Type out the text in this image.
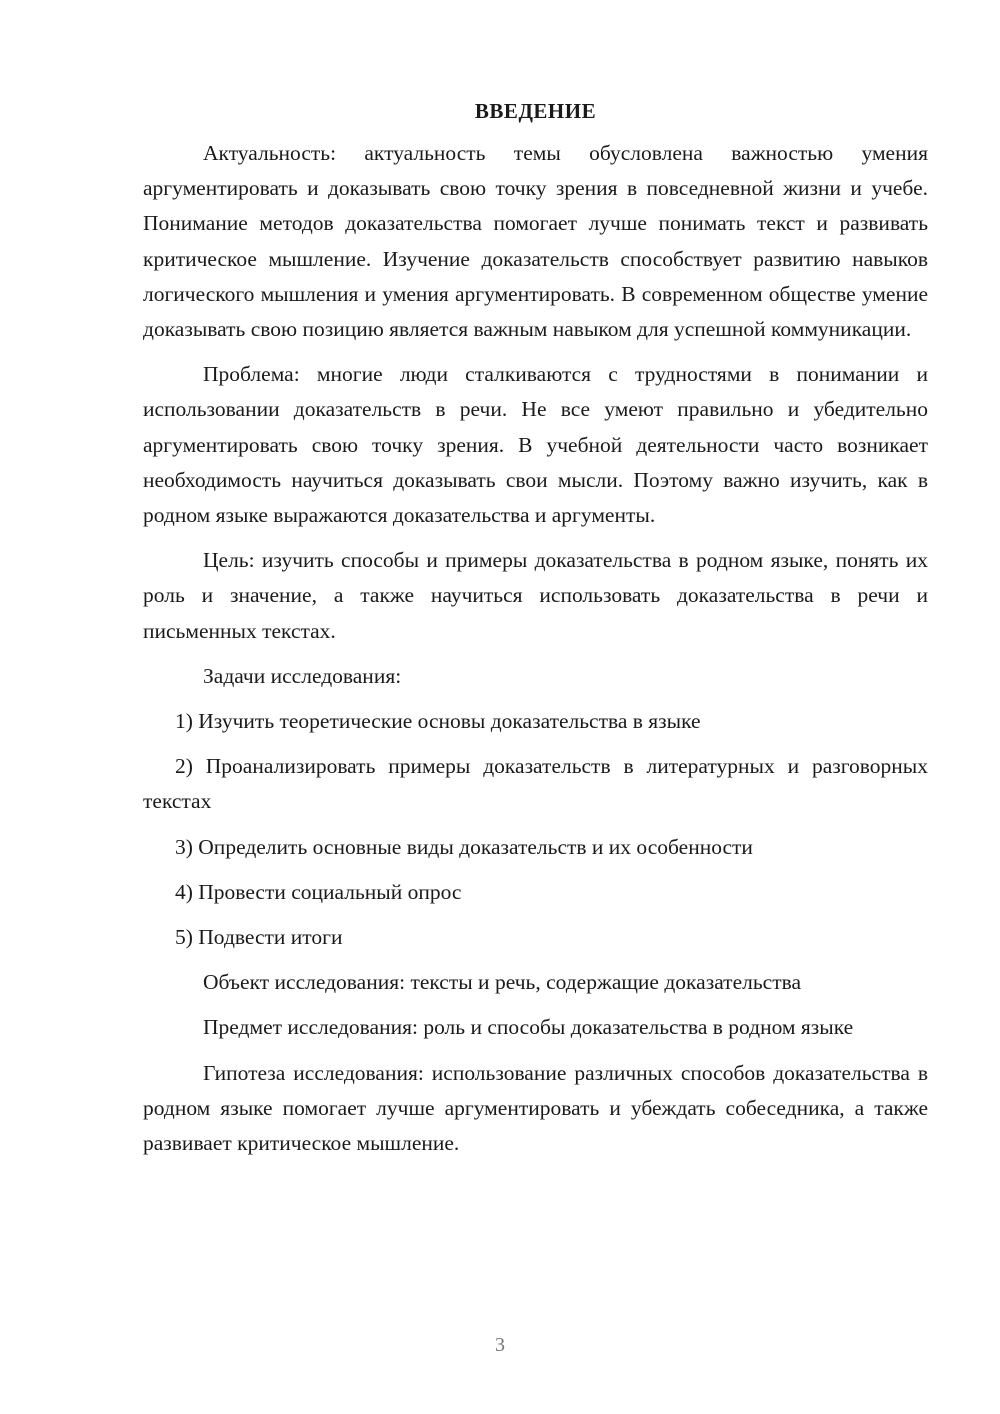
ВВЕДЕНИЕ

Актуальность: актуальность темы обусловлена важностью умения аргументировать и доказывать свою точку зрения в повседневной жизни и учебе. Понимание методов доказательства помогает лучше понимать текст и развивать критическое мышление. Изучение доказательств способствует развитию навыков логического мышления и умения аргументировать. В современном обществе умение доказывать свою позицию является важным навыком для успешной коммуникации.

Проблема: многие люди сталкиваются с трудностями в понимании и использовании доказательств в речи. Не все умеют правильно и убедительно аргументировать свою точку зрения. В учебной деятельности часто возникает необходимость научиться доказывать свои мысли. Поэтому важно изучить, как в родном языке выражаются доказательства и аргументы.

Цель: изучить способы и примеры доказательства в родном языке, понять их роль и значение, а также научиться использовать доказательства в речи и письменных текстах.

Задачи исследования:

1) Изучить теоретические основы доказательства в языке

2) Проанализировать примеры доказательств в литературных и разговорных текстах

3) Определить основные виды доказательств и их особенности

4) Провести социальный опрос

5) Подвести итоги

Объект исследования: тексты и речь, содержащие доказательства

Предмет исследования: роль и способы доказательства в родном языке

Гипотеза исследования: использование различных способов доказательства в родном языке помогает лучше аргументировать и убеждать собеседника, а также развивает критическое мышление.

3
